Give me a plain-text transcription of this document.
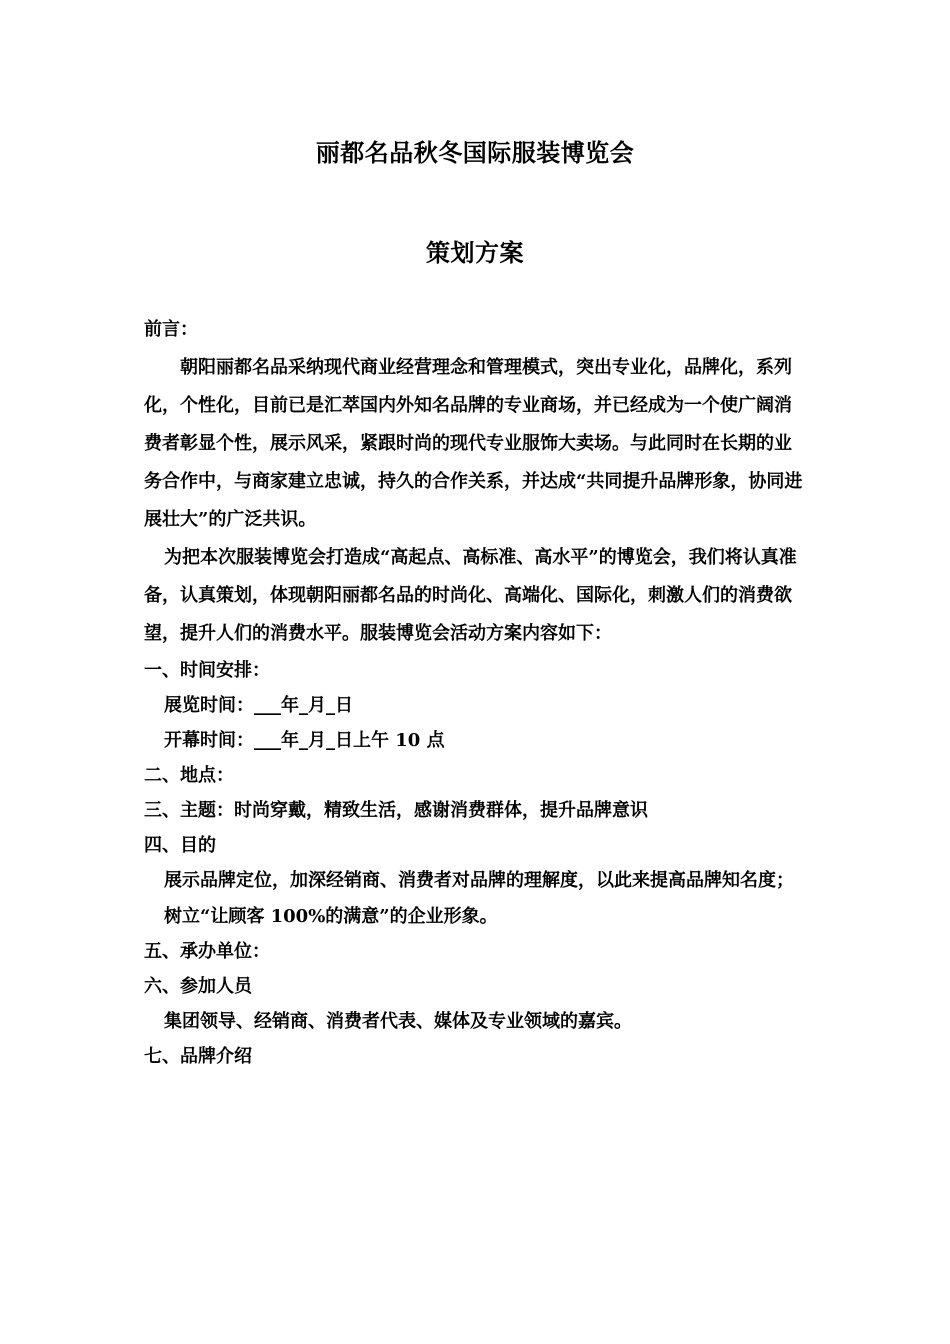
丽都名品秋冬国际服装博览会
策划方案

前言：

朝阳丽都名品采纳现代商业经营理念和管理模式，突出专业化，品牌化，系列化，个性化，目前已是汇萃国内外知名品牌的专业商场，并已经成为一个使广阔消费者彰显个性，展示风采，紧跟时尚的现代专业服饰大卖场。与此同时在长期的业务合作中，与商家建立忠诚，持久的合作关系，并达成“共同提升品牌形象，协同进展壮大”的广泛共识。

为把本次服装博览会打造成“高起点、高标准、高水平”的博览会，我们将认真准备，认真策划，体现朝阳丽都名品的时尚化、高端化、国际化，刺激人们的消费欲望，提升人们的消费水平。服装博览会活动方案内容如下：

一、时间安排：

展览时间：___年_月_日

开幕时间：___年_月_日上午 10 点

二、地点：

三、主题：时尚穿戴，精致生活，感谢消费群体，提升品牌意识

四、目的

展示品牌定位，加深经销商、消费者对品牌的理解度，以此来提高品牌知名度；

树立“让顾客 100%的满意”的企业形象。

五、承办单位：

六、参加人员

集团领导、经销商、消费者代表、媒体及专业领域的嘉宾。

七、品牌介绍
